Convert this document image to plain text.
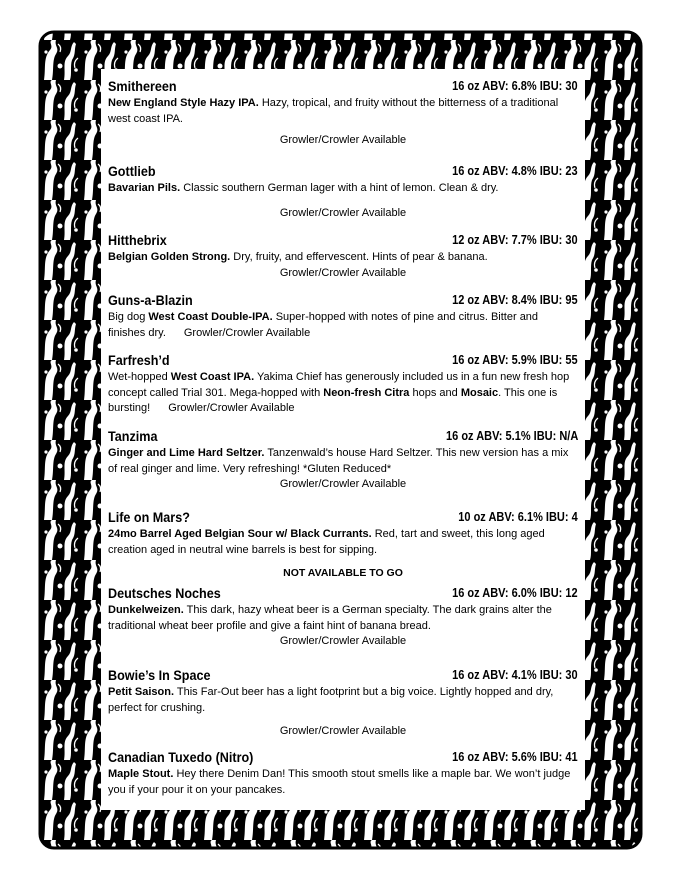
Smithereen	16 oz ABV: 6.8% IBU: 30

New England Style Hazy IPA. Hazy, tropical, and fruity without the bitterness of a traditional west coast IPA.

Growler/Crowler Available
Gottlieb	16 oz ABV: 4.8% IBU: 23

Bavarian Pils. Classic southern German lager with a hint of lemon. Clean & dry.

Growler/Crowler Available
Hitthebrix	12 oz ABV: 7.7% IBU: 30

Belgian Golden Strong. Dry, fruity, and effervescent. Hints of pear & banana.

Growler/Crowler Available
Guns-a-Blazin	12 oz ABV: 8.4% IBU: 95

Big dog West Coast Double-IPA. Super-hopped with notes of pine and citrus. Bitter and finishes dry. Growler/Crowler Available

Farfresh’d	16 oz ABV: 5.9% IBU: 55

Wet-hopped West Coast IPA. Yakima Chief has generously included us in a fun new fresh hop concept called Trial 301. Mega-hopped with Neon-fresh Citra hops and Mosaic. This one is bursting! Growler/Crowler Available

Tanzima	16 oz ABV: 5.1% IBU: N/A

Ginger and Lime Hard Seltzer. Tanzenwald’s house Hard Seltzer. This new version has a mix of real ginger and lime. Very refreshing! *Gluten Reduced*

Growler/Crowler Available
Life on Mars?	10 oz ABV: 6.1% IBU: 4

24mo Barrel Aged Belgian Sour w/ Black Currants. Red, tart and sweet, this long aged creation aged in neutral wine barrels is best for sipping.

NOT AVAILABLE TO GO
Deutsches Noches	16 oz ABV: 6.0% IBU: 12

Dunkelweizen. This dark, hazy wheat beer is a German specialty. The dark grains alter the traditional wheat beer profile and give a faint hint of banana bread.

Growler/Crowler Available
Bowie’s In Space	16 oz ABV: 4.1% IBU: 30

Petit Saison. This Far-Out beer has a light footprint but a big voice. Lightly hopped and dry, perfect for crushing.

Growler/Crowler Available
Canadian Tuxedo (Nitro)	16 oz ABV: 5.6% IBU: 41

Maple Stout. Hey there Denim Dan! This smooth stout smells like a maple bar. We won’t judge you if your pour it on your pancakes.
